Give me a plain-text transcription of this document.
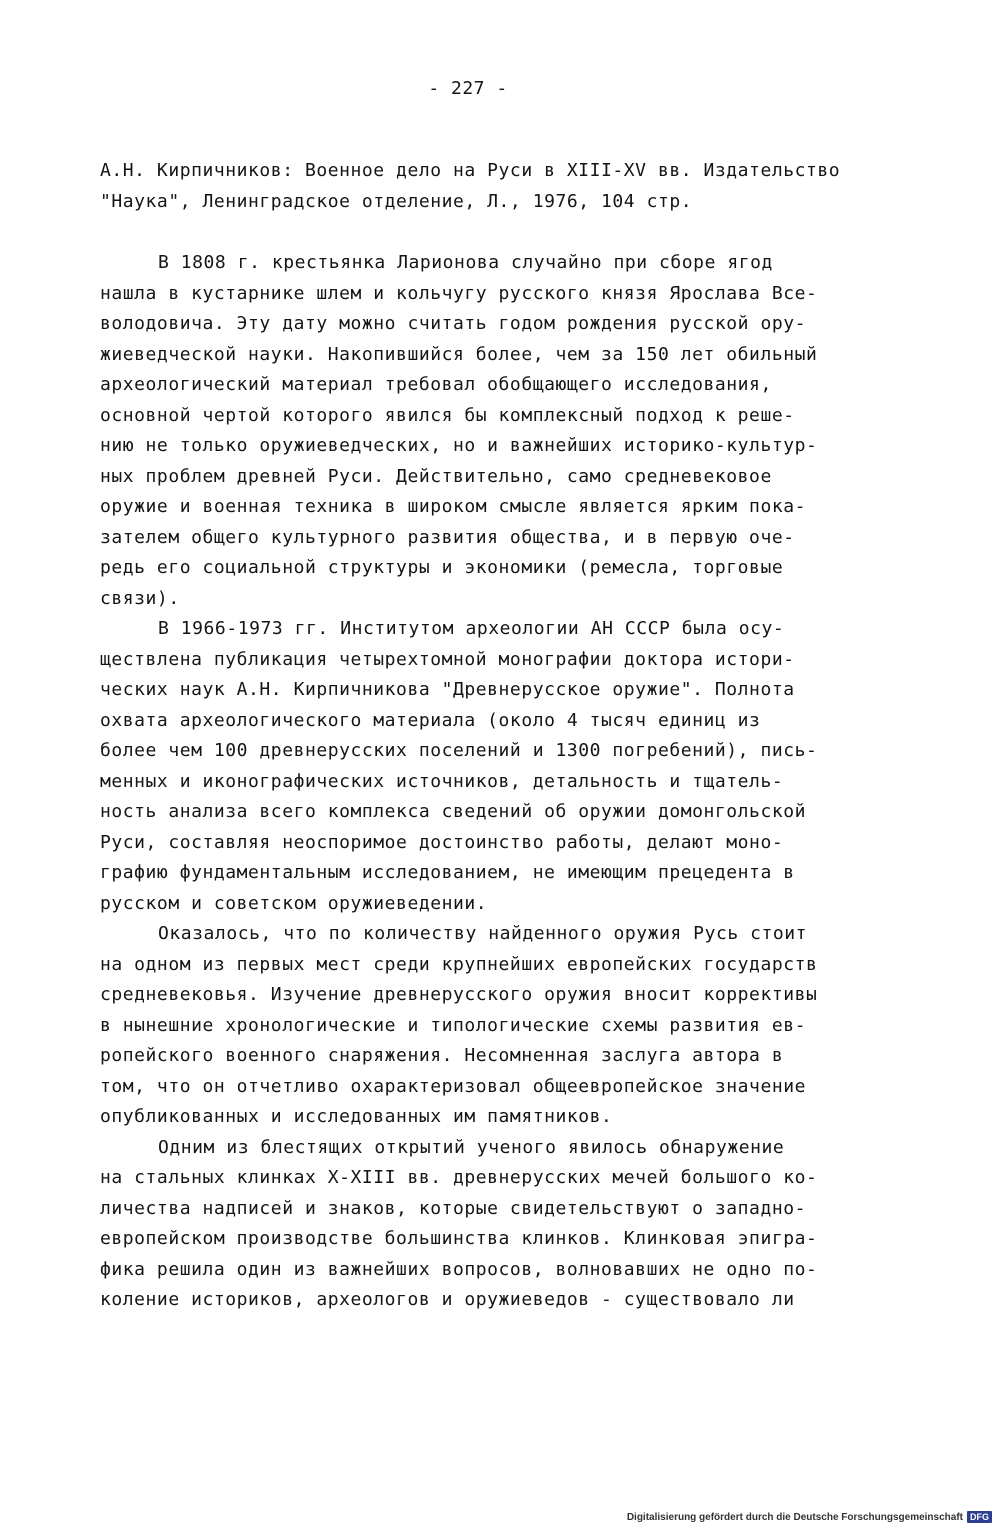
- 227 -
А.Н. Кирпичников: Военное дело на Руси в XIII-XV вв. Издательство
"Наука", Ленинградское отделение, Л., 1976, 104 стр.
В 1808 г. крестьянка Ларионова случайно при сборе ягод
нашла в кустарнике шлем и кольчугу русского князя Ярослава Все-
володовича. Эту дату можно считать годом рождения русской ору-
жиеведческой науки. Накопившийся более, чем за 150 лет обильный
археологический материал требовал обобщающего исследования,
основной чертой которого явился бы комплексный подход к реше-
нию не только оружиеведческих, но и важнейших историко-культур-
ных проблем древней Руси. Действительно, само средневековое
оружие и военная техника в широком смысле является ярким пока-
зателем общего культурного развития общества, и в первую оче-
редь его социальной структуры и экономики (ремесла, торговые
связи).
В 1966-1973 гг. Институтом археологии АН СССР была осу-
ществлена публикация четырехтомной монографии доктора истори-
ческих наук А.Н. Кирпичникова "Древнерусское оружие". Полнота
охвата археологического материала (около 4 тысяч единиц из
более чем 100 древнерусских поселений и 1300 погребений), пись-
менных и иконографических источников, детальность и тщатель-
ность анализа всего комплекса сведений об оружии домонгольской
Руси, составляя неоспоримое достоинство работы, делают моно-
графию фундаментальным исследованием, не имеющим прецедента в
русском и советском оружиеведении.
Оказалось, что по количеству найденного оружия Русь стоит
на одном из первых мест среди крупнейших европейских государств
средневековья. Изучение древнерусского оружия вносит коррективы
в нынешние хронологические и типологические схемы развития ев-
ропейского военного снаряжения. Несомненная заслуга автора в
том, что он отчетливо охарактеризовал общеевропейское значение
опубликованных и исследованных им памятников.
Одним из блестящих открытий ученого явилось обнаружение
на стальных клинках X-XIII вв. древнерусских мечей большого ко-
личества надписей и знаков, которые свидетельствуют о западно-
европейском производстве большинства клинков. Клинковая эпигра-
фика решила один из важнейших вопросов, волновавших не одно по-
коление историков, археологов и оружиеведов - существовало ли
Digitalisierung gefördert durch die Deutsche Forschungsgemeinschaft DFG
